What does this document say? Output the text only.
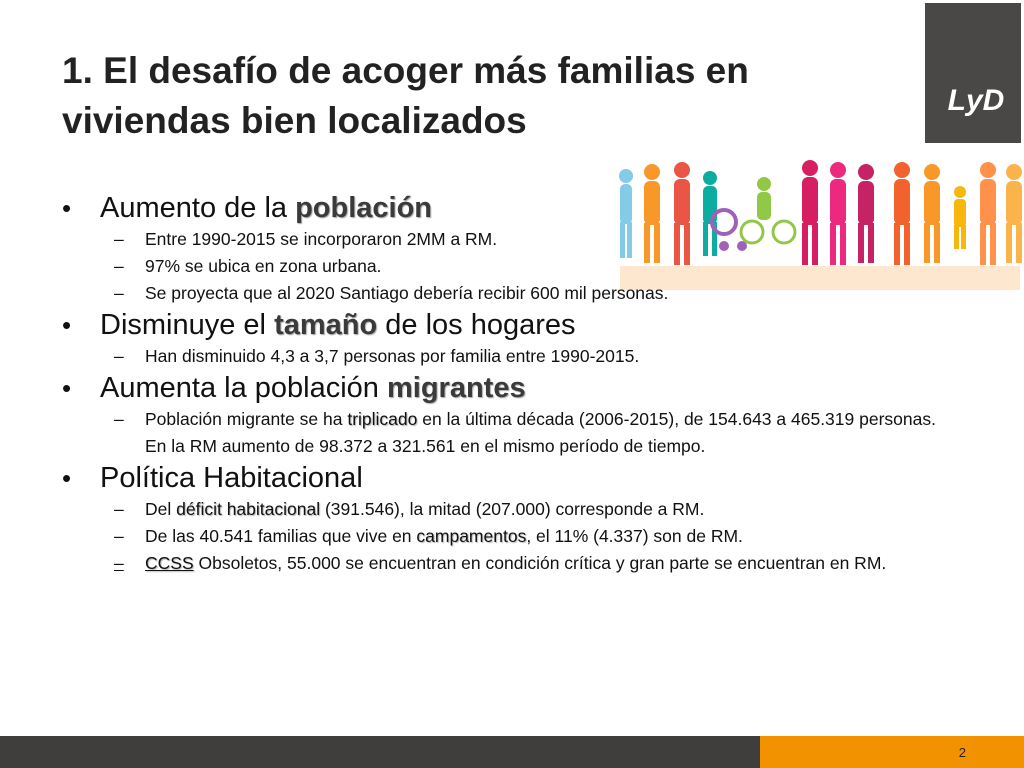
1. El desafío de acoger más familias en viviendas bien localizados	LyD
LIBERTAD Y DESARROLLO
• Aumento de la población
– Entre 1990-2015 se incorporaron 2MM a RM.
– 97% se ubica en zona urbana.
– Se proyecta que al 2020 Santiago debería recibir 600 mil personas.
• Disminuye el tamaño de los hogares
– Han disminuido 4,3 a 3,7 personas por familia entre 1990-2015.
• Aumenta la población migrantes
– Población migrante se ha triplicado en la última década (2006-2015), de 154.643 a 465.319 personas. En la RM aumento de 98.372 a 321.561 en el mismo período de tiempo.
• Política Habitacional
– Del déficit habitacional (391.546), la mitad (207.000) corresponde a RM.
– De las 40.541 familias que vive en campamentos, el 11% (4.337) son de RM.
– CCSS Obsoletos, 55.000 se encuentran en condición crítica y gran parte se encuentran en RM.
2
